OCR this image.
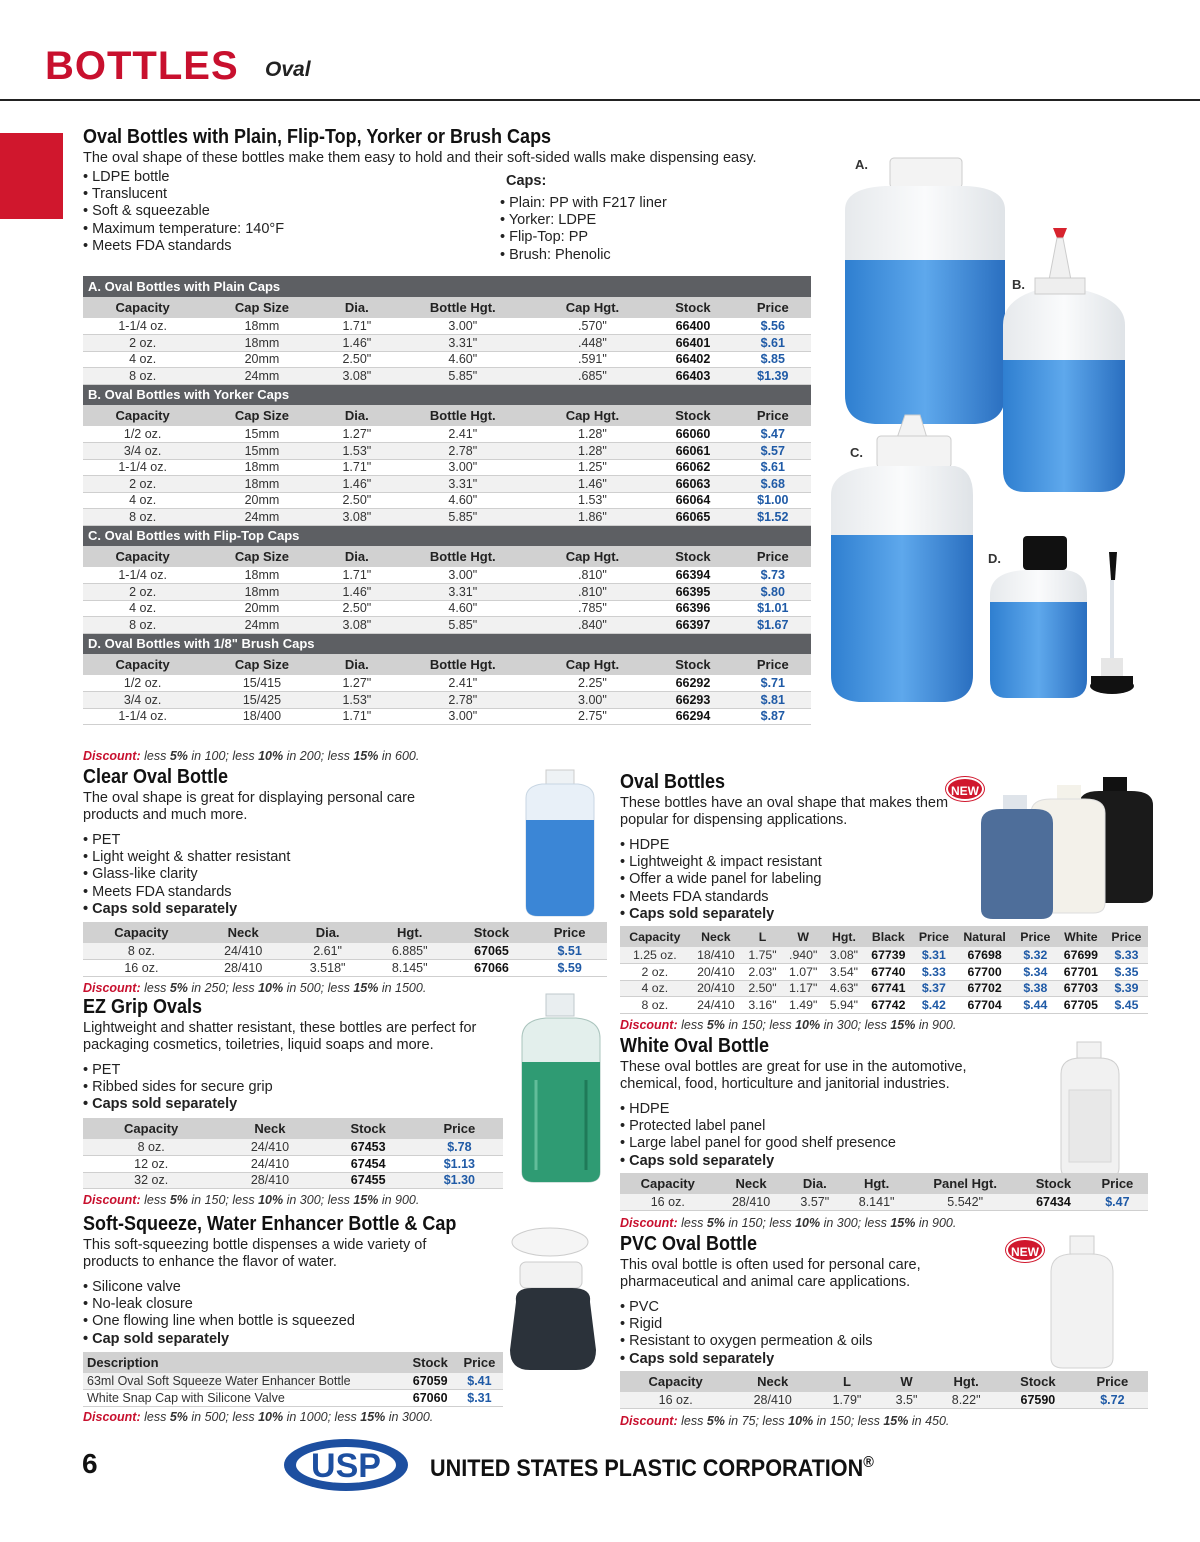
BOTTLES Oval
Oval Bottles with Plain, Flip-Top, Yorker or Brush Caps
The oval shape of these bottles make them easy to hold and their soft-sided walls make dispensing easy.
• LDPE bottle
• Translucent
• Soft & squeezable
• Maximum temperature: 140°F
• Meets FDA standards
Caps:
• Plain: PP with F217 liner
• Yorker: LDPE
• Flip-Top: PP
• Brush: Phenolic
A. Oval Bottles with Plain Caps						
Capacity	Cap Size	Dia.	Bottle Hgt.	Cap Hgt.	Stock	Price
1-1/4 oz.	18mm	1.71"	3.00"	.570"	66400	$.56
2 oz.	18mm	1.46"	3.31"	.448"	66401	$.61
4 oz.	20mm	2.50"	4.60"	.591"	66402	$.85
8 oz.	24mm	3.08"	5.85"	.685"	66403	$1.39
B. Oval Bottles with Yorker Caps						
Capacity	Cap Size	Dia.	Bottle Hgt.	Cap Hgt.	Stock	Price
1/2 oz.	15mm	1.27"	2.41"	1.28"	66060	$.47
3/4 oz.	15mm	1.53"	2.78"	1.28"	66061	$.57
1-1/4 oz.	18mm	1.71"	3.00"	1.25"	66062	$.61
2 oz.	18mm	1.46"	3.31"	1.46"	66063	$.68
4 oz.	20mm	2.50"	4.60"	1.53"	66064	$1.00
8 oz.	24mm	3.08"	5.85"	1.86"	66065	$1.52
C. Oval Bottles with Flip-Top Caps						
Capacity	Cap Size	Dia.	Bottle Hgt.	Cap Hgt.	Stock	Price
1-1/4 oz.	18mm	1.71"	3.00"	.810"	66394	$.73
2 oz.	18mm	1.46"	3.31"	.810"	66395	$.80
4 oz.	20mm	2.50"	4.60"	.785"	66396	$1.01
8 oz.	24mm	3.08"	5.85"	.840"	66397	$1.67
D. Oval Bottles with 1/8" Brush Caps						
Capacity	Cap Size	Dia.	Bottle Hgt.	Cap Hgt.	Stock	Price
1/2 oz.	15/415	1.27"	2.41"	2.25"	66292	$.71
3/4 oz.	15/425	1.53"	2.78"	3.00"	66293	$.81
1-1/4 oz.	18/400	1.71"	3.00"	2.75"	66294	$.87
Discount: less 5% in 100; less 10% in 200; less 15% in 600.
A.
B.
C.
D.
Clear Oval Bottle
The oval shape is great for displaying personal care products and much more.
• PET
• Light weight & shatter resistant
• Glass-like clarity
• Meets FDA standards
• Caps sold separately
Capacity	Neck	Dia.	Hgt.	Stock	Price
8 oz.	24/410	2.61"	6.885"	67065	$.51
16 oz.	28/410	3.518"	8.145"	67066	$.59
Discount: less 5% in 250; less 10% in 500; less 15% in 1500.
EZ Grip Ovals
Lightweight and shatter resistant, these bottles are perfect for packaging cosmetics, toiletries, liquid soaps and more.
• PET
• Ribbed sides for secure grip
• Caps sold separately
Capacity	Neck	Stock	Price
8 oz.	24/410	67453	$.78
12 oz.	24/410	67454	$1.13
32 oz.	28/410	67455	$1.30
Discount: less 5% in 150; less 10% in 300; less 15% in 900.
Soft-Squeeze, Water Enhancer Bottle & Cap
This soft-squeezing bottle dispenses a wide variety of products to enhance the flavor of water.
• Silicone valve
• No-leak closure
• One flowing line when bottle is squeezed
• Cap sold separately
Description	Stock	Price
63ml Oval Soft Squeeze Water Enhancer Bottle	67059	$.41
White Snap Cap with Silicone Valve	67060	$.31
Discount: less 5% in 500; less 10% in 1000; less 15% in 3000.
Oval Bottles
These bottles have an oval shape that makes them popular for dispensing applications.
• HDPE
• Lightweight & impact resistant
• Offer a wide panel for labeling
• Meets FDA standards
• Caps sold separately
NEW
Capacity	Neck	L	W	Hgt.	Black	Price	Natural	Price	White	Price
1.25 oz.	18/410	1.75"	.940"	3.08"	67739	$.31	67698	$.32	67699	$.33
2 oz.	20/410	2.03"	1.07"	3.54"	67740	$.33	67700	$.34	67701	$.35
4 oz.	20/410	2.50"	1.17"	4.63"	67741	$.37	67702	$.38	67703	$.39
8 oz.	24/410	3.16"	1.49"	5.94"	67742	$.42	67704	$.44	67705	$.45
Discount: less 5% in 150; less 10% in 300; less 15% in 900.
White Oval Bottle
These oval bottles are great for use in the automotive, chemical, food, horticulture and janitorial industries.
• HDPE
• Protected label panel
• Large label panel for good shelf presence
• Caps sold separately
Capacity	Neck	Dia.	Hgt.	Panel Hgt.	Stock	Price
16 oz.	28/410	3.57"	8.141"	5.542"	67434	$.47
Discount: less 5% in 150; less 10% in 300; less 15% in 900.
PVC Oval Bottle
This oval bottle is often used for personal care, pharmaceutical and animal care applications.
• PVC
• Rigid
• Resistant to oxygen permeation & oils
• Caps sold separately
NEW
Capacity	Neck	L	W	Hgt.	Stock	Price
16 oz.	28/410	1.79"	3.5"	8.22"	67590	$.72
Discount: less 5% in 75; less 10% in 150; less 15% in 450.
6	USP UNITED STATES PLASTIC CORPORATION®
